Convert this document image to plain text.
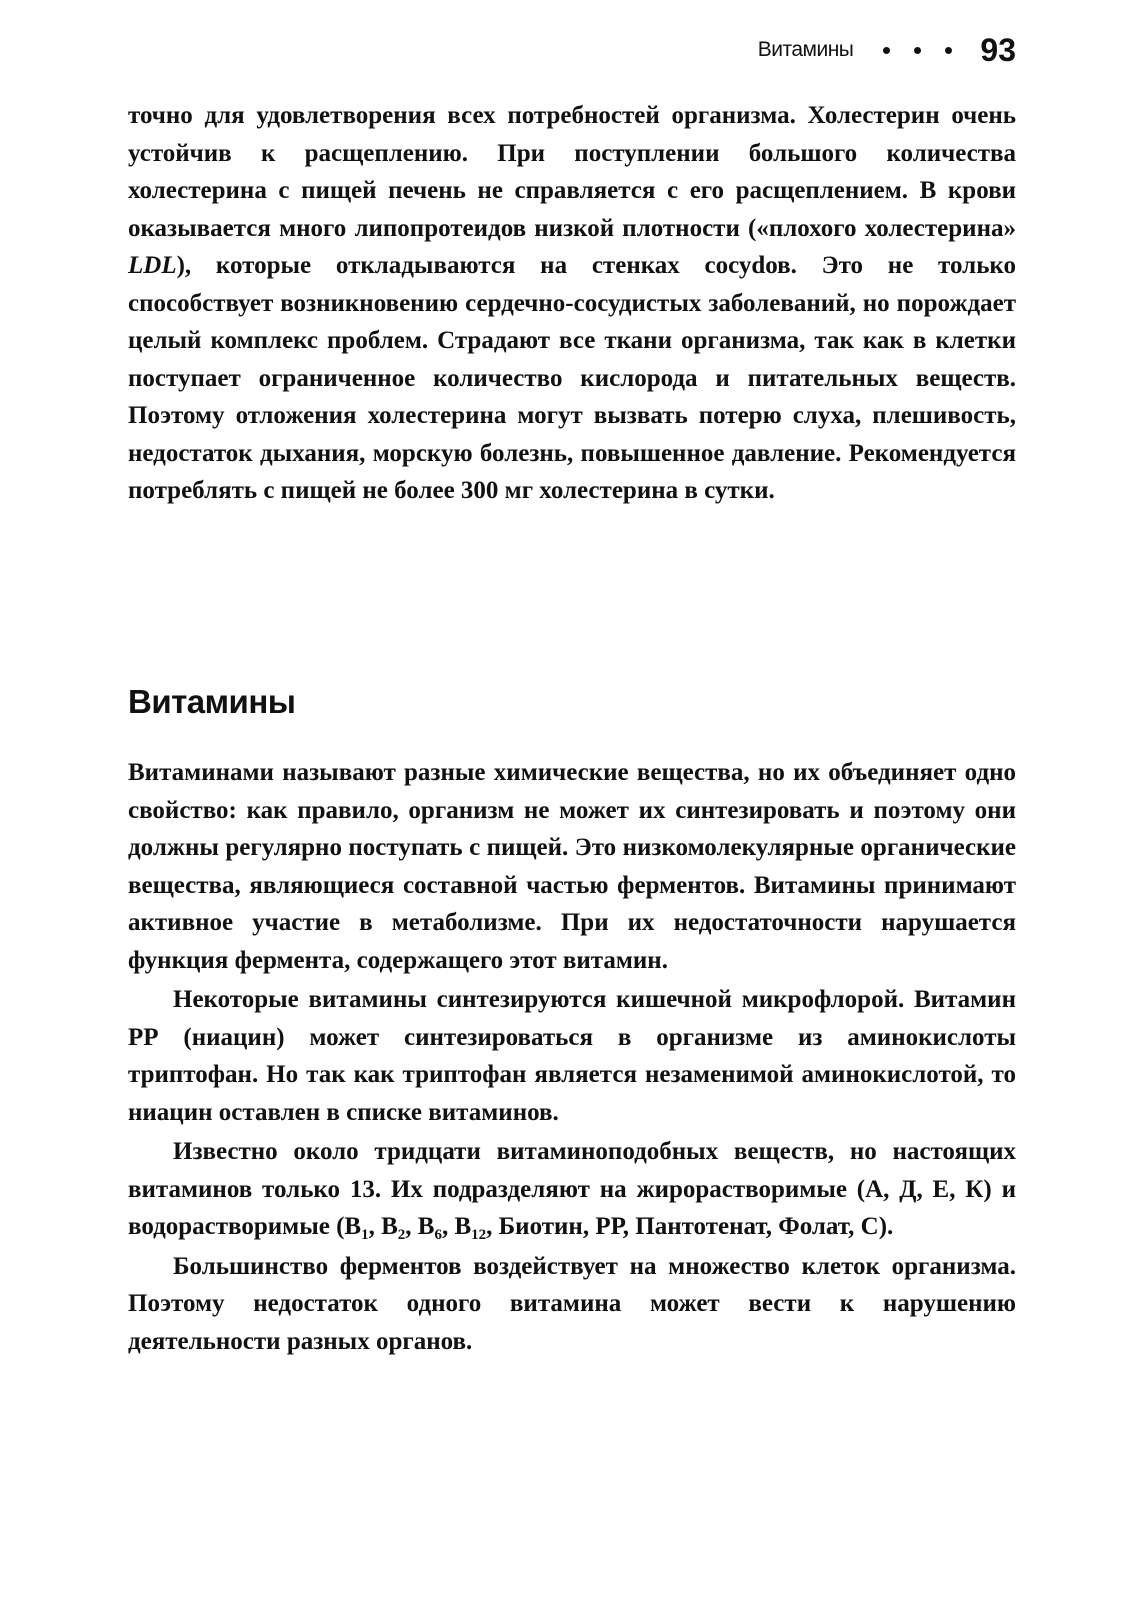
Витамины	93

точно для удовлетворения всех потребностей организма. Холестерин очень устойчив к расщеплению. При поступлении большого количества холестерина с пищей печень не справляется с его расщеплением. В крови оказывается много липопротеидов низкой плотности («плохого холестерина» LDL), которые откладываются на стенках сосуdов. Это не только способствует возникновению сердечно-сосудистых заболеваний, но порождает целый комплекс проблем. Страдают все ткани организма, так как в клетки поступает ограниченное количество кислорода и питательных веществ. Поэтому отложения холестерина могут вызвать потерю слуха, плешивость, недостаток дыхания, морскую болезнь, повышенное давление. Рекомендуется потреблять с пищей не более 300 мг холестерина в сутки.

Витамины

Витаминами называют разные химические вещества, но их объединяет одно свойство: как правило, организм не может их синтезировать и поэтому они должны регулярно поступать с пищей. Это низкомолекулярные органические вещества, являющиеся составной частью ферментов. Витамины принимают активное участие в метаболизме. При их недостаточности нарушается функция фермента, содержащего этот витамин.

Некоторые витамины синтезируются кишечной микрофлорой. Витамин РР (ниацин) может синтезироваться в организме из аминокислоты триптофан. Но так как триптофан является незаменимой аминокислотой, то ниацин оставлен в списке витаминов.

Известно около тридцати витаминоподобных веществ, но настоящих витаминов только 13. Их подразделяют на жирорастворимые (А, Д, Е, К) и водорастворимые ($В_1$, $В_2$, $В_6$, $В_{12}$, Биотин, РР, Пантотенат, Фолат, С).

Большинство ферментов воздействует на множество клеток организма. Поэтому недостаток одного витамина может вести к нарушению деятельности разных органов.
